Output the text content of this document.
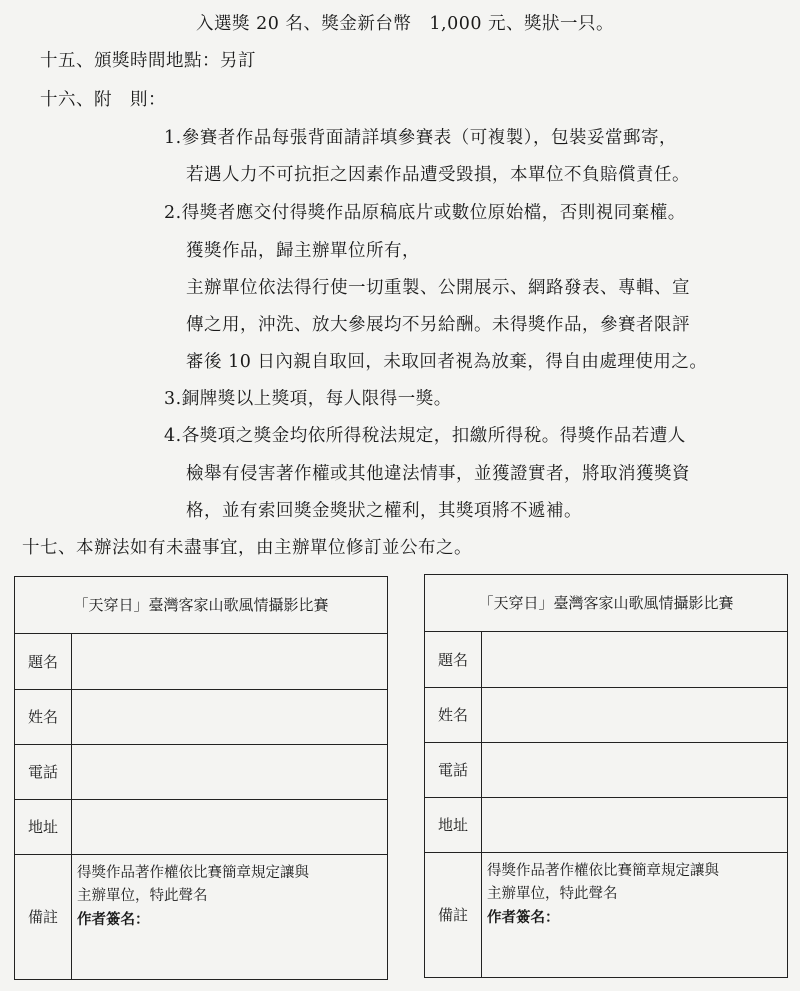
入選獎 20 名、獎金新台幣　1,000 元、獎狀一只。
十五、頒獎時間地點：另訂
十六、附　則：
1.參賽者作品每張背面請詳填參賽表（可複製），包裝妥當郵寄，
若遇人力不可抗拒之因素作品遭受毀損，本單位不負賠償責任。
2.得獎者應交付得獎作品原稿底片或數位原始檔，否則視同棄權。
獲獎作品，歸主辦單位所有，
主辦單位依法得行使一切重製、公開展示、網路發表、專輯、宣
傳之用，沖洗、放大參展均不另給酬。未得獎作品，參賽者限評
審後 10 日內親自取回，未取回者視為放棄，得自由處理使用之。
3.銅牌獎以上獎項，每人限得一獎。
4.各獎項之獎金均依所得稅法規定，扣繳所得稅。得獎作品若遭人
檢舉有侵害著作權或其他違法情事，並獲證實者，將取消獲獎資
格，並有索回獎金獎狀之權利，其獎項將不遞補。
十七、本辦法如有未盡事宜，由主辦單位修訂並公布之。
「天穿日」臺灣客家山歌風情攝影比賽
題名
姓名
電話
地址
備註
得獎作品著作權依比賽簡章規定讓與
主辦單位，特此聲名
作者簽名：
「天穿日」臺灣客家山歌風情攝影比賽
題名
姓名
電話
地址
備註
得獎作品著作權依比賽簡章規定讓與
主辦單位，特此聲名
作者簽名：
